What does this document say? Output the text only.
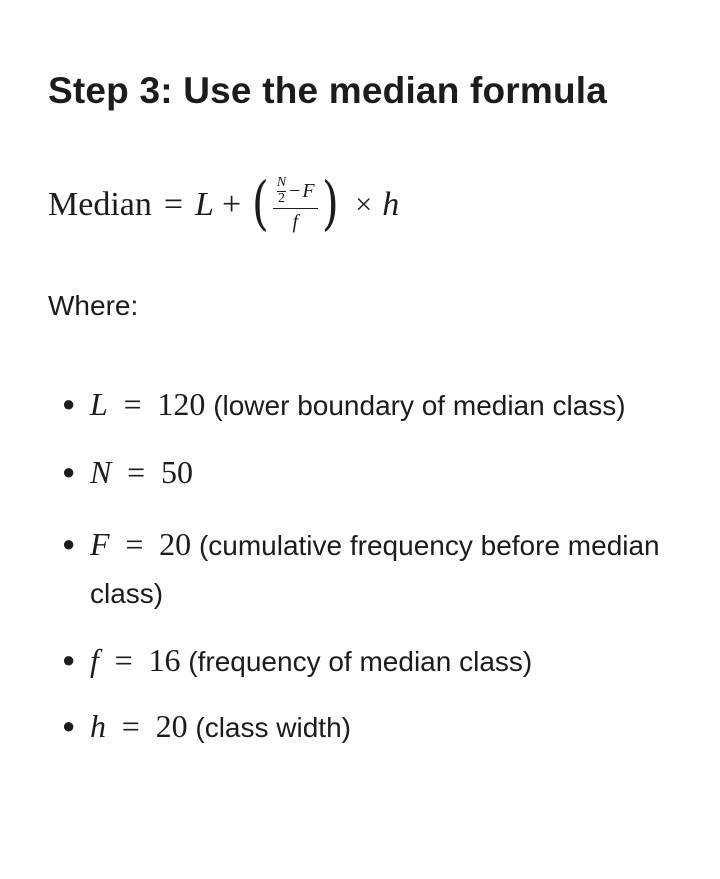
Step 3: Use the median formula
Median = L + ( N
2 − F
f ) × h
Where:
● L = 120 (lower boundary of median class)
● N = 50
● F = 20 (cumulative frequency before median class)
● f = 16 (frequency of median class)
● h = 20 (class width)
